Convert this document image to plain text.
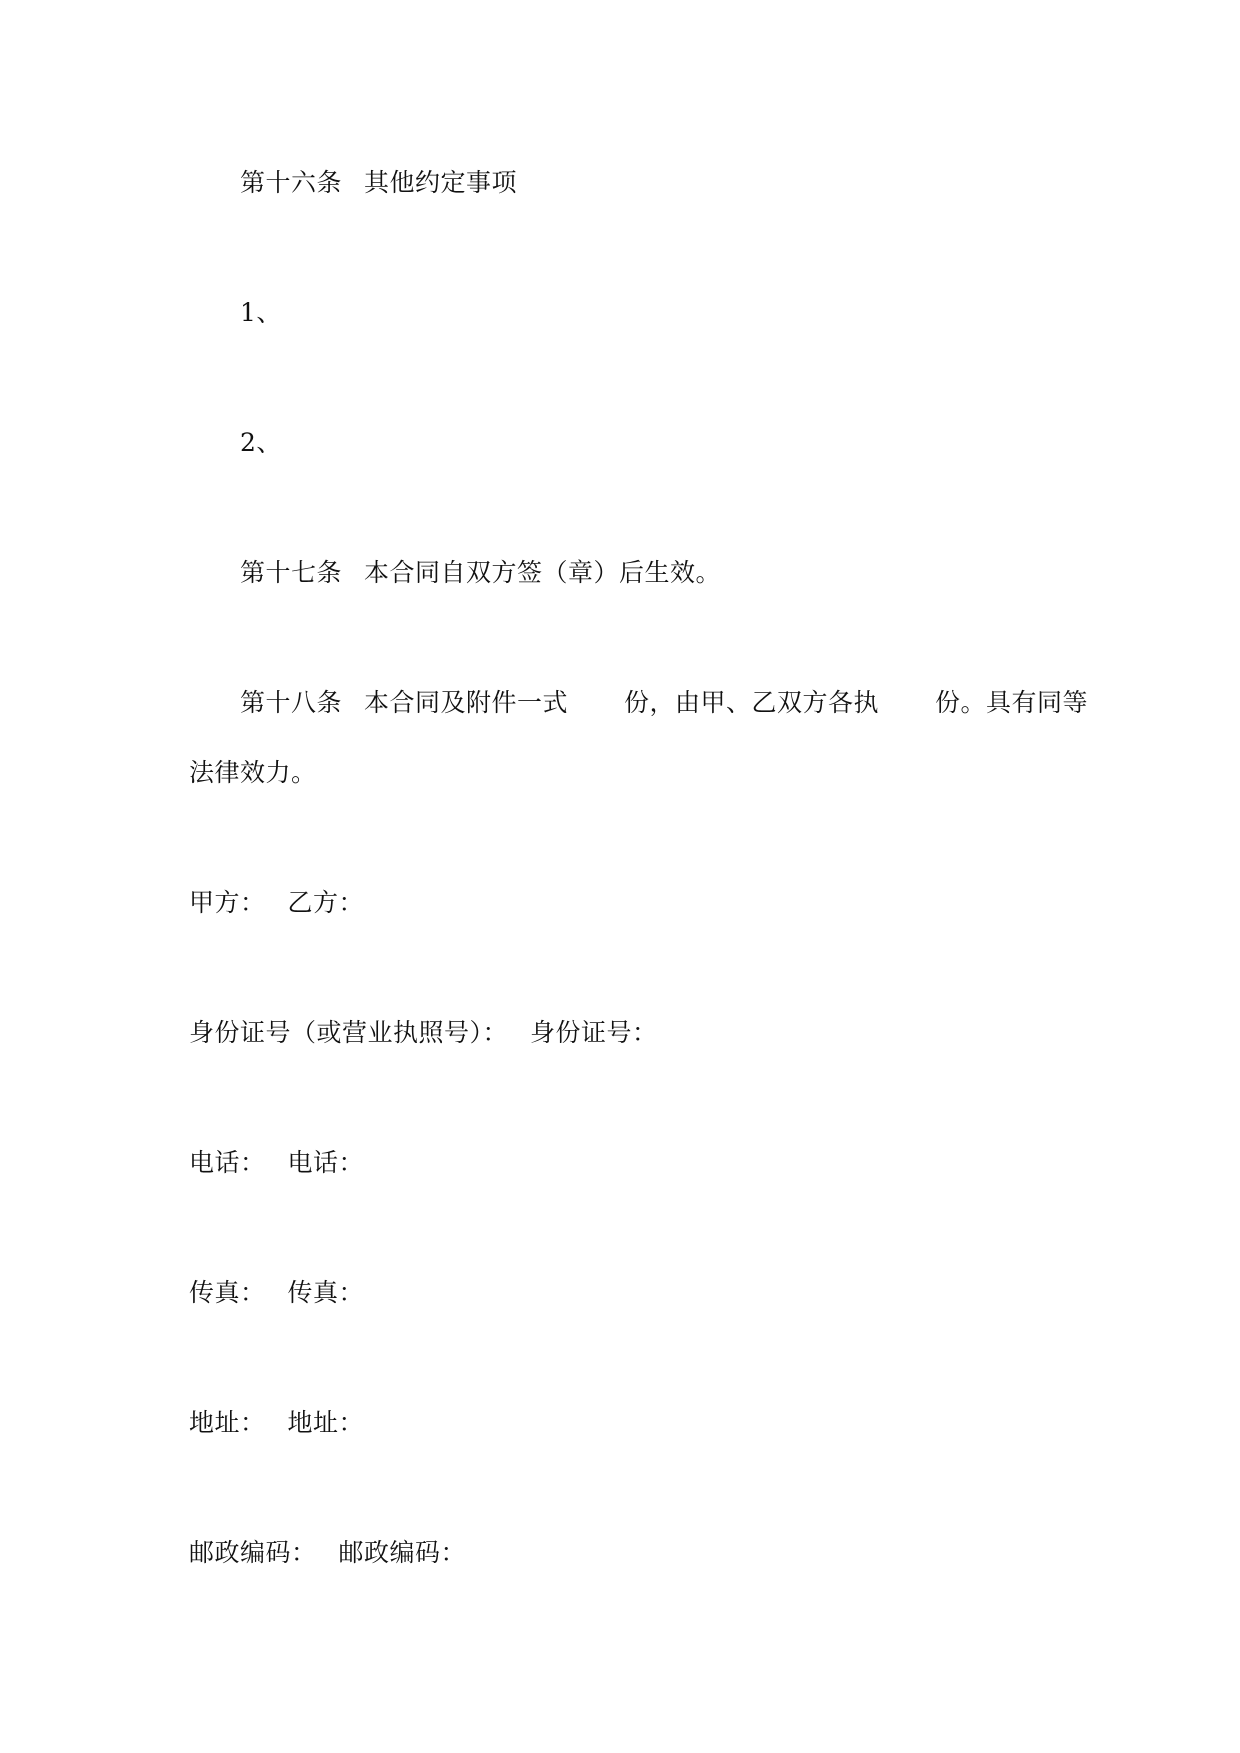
第十六条 其他约定事项
1、
2、
第十七条 本合同自双方签（章）后生效。
第十八条 本合同及附件一式 份，由甲、乙双方各执 份。具有同等
法律效力。
甲方： 乙方：
身份证号（或营业执照号）： 身份证号：
电话： 电话：
传真： 传真：
地址： 地址：
邮政编码： 邮政编码：
